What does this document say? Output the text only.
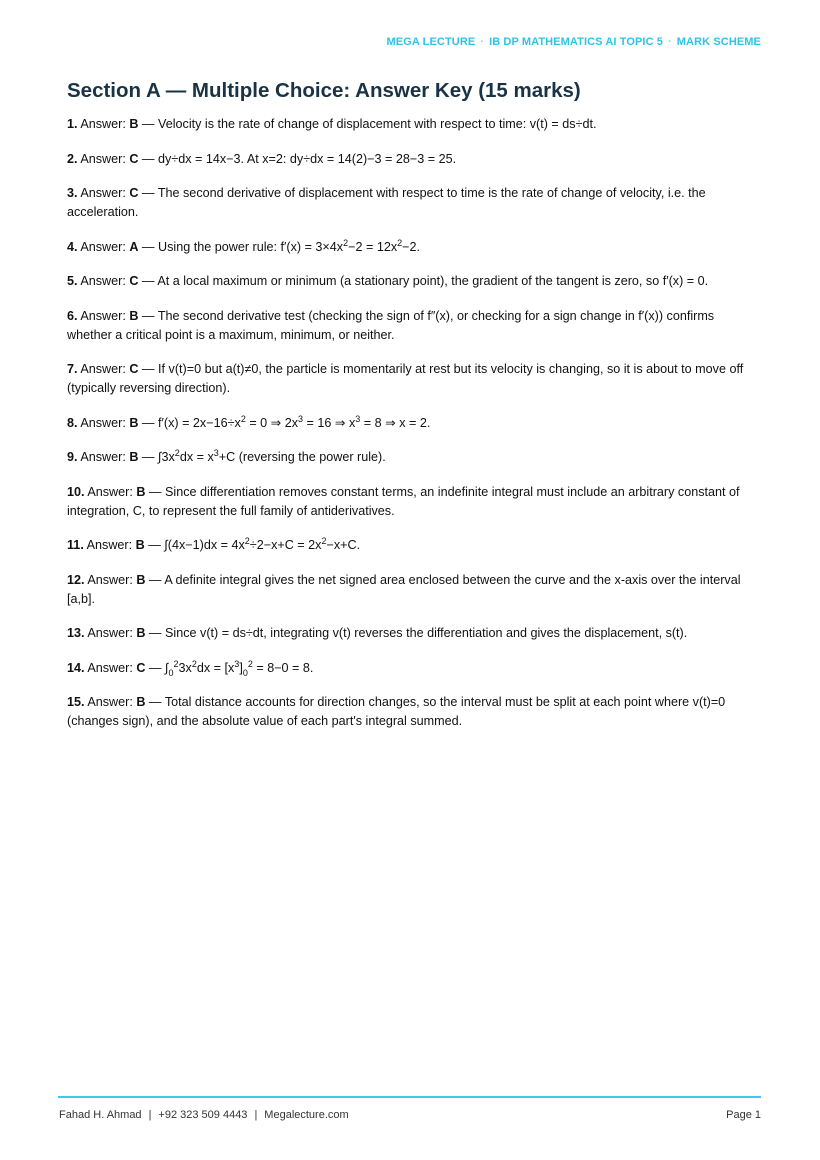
MEGA LECTURE · IB DP MATHEMATICS AI TOPIC 5 · MARK SCHEME
Section A — Multiple Choice: Answer Key (15 marks)

1. Answer: B — Velocity is the rate of change of displacement with respect to time: v(t) = ds÷dt.

2. Answer: C — dy÷dx = 14x−3. At x=2: dy÷dx = 14(2)−3 = 28−3 = 25.

3. Answer: C — The second derivative of displacement with respect to time is the rate of change of velocity, i.e. the acceleration.

4. Answer: A — Using the power rule: $f'(x) = 3\times 4x^2-2 = 12x^2-2$.

5. Answer: C — At a local maximum or minimum (a stationary point), the gradient of the tangent is zero, so f′(x) = 0.

6. Answer: B — The second derivative test (checking the sign of f″(x), or checking for a sign change in f′(x)) confirms whether a critical point is a maximum, minimum, or neither.

7. Answer: C — If v(t)=0 but a(t)≠0, the particle is momentarily at rest but its velocity is changing, so it is about to move off (typically reversing direction).

8. Answer: B — $f'(x) = 2x-16\div x^2 = 0$ ⇒ $2x^3 = 16$ ⇒ $x^3 = 8$ ⇒ x = 2.

9. Answer: B — $\int 3x^2dx = x^3+C$ (reversing the power rule).

10. Answer: B — Since differentiation removes constant terms, an indefinite integral must include an arbitrary constant of integration, C, to represent the full family of antiderivatives.

11. Answer: B — $\int(4x-1)dx = 4x^2\div 2-x+C = 2x^2-x+C$.

12. Answer: B — A definite integral gives the net signed area enclosed between the curve and the x-axis over the interval [a,b].

13. Answer: B — Since v(t) = ds÷dt, integrating v(t) reverses the differentiation and gives the displacement, s(t).

14. Answer: C — $\int_0^23x^2dx = [x^3]_0^2 = 8-0 = 8$.

15. Answer: B — Total distance accounts for direction changes, so the interval must be split at each point where v(t)=0 (changes sign), and the absolute value of each part's integral summed.

Fahad H. Ahmad | +92 323 509 4443 | Megalecture.com	Page 1
